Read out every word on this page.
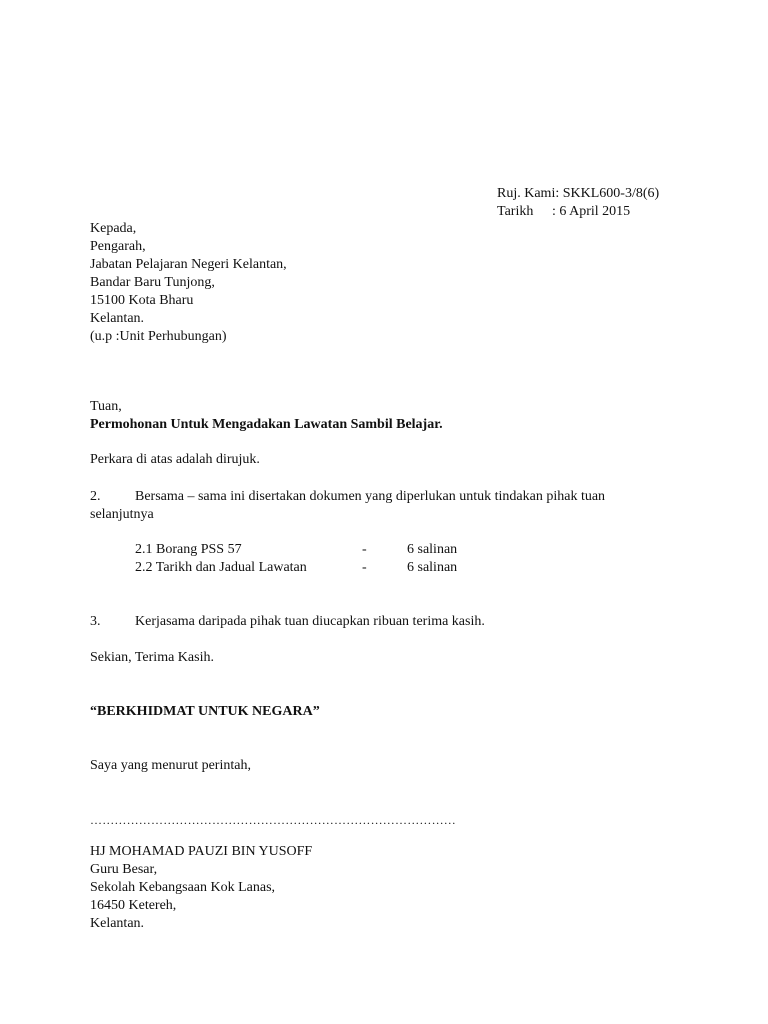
Ruj. Kami: SKKL600-3/8(6)
Tarikh : 6 April 2015
Kepada,
Pengarah,
Jabatan Pelajaran Negeri Kelantan,
Bandar Baru Tunjong,
15100 Kota Bharu
Kelantan.
(u.p :Unit Perhubungan)
Tuan,
Permohonan Untuk Mengadakan Lawatan Sambil Belajar.
Perkara di atas adalah dirujuk.
2. Bersama – sama ini disertakan dokumen yang diperlukan untuk tindakan pihak tuan
selanjutnya
2.1 Borang PSS 57	-	6 salinan
2.2 Tarikh dan Jadual Lawatan	-	6 salinan
3. Kerjasama daripada pihak tuan diucapkan ribuan terima kasih.
Sekian, Terima Kasih.
“BERKHIDMAT UNTUK NEGARA”
Saya yang menurut perintah,
………………………………………………………………………………
HJ MOHAMAD PAUZI BIN YUSOFF
Guru Besar,
Sekolah Kebangsaan Kok Lanas,
16450 Ketereh,
Kelantan.
